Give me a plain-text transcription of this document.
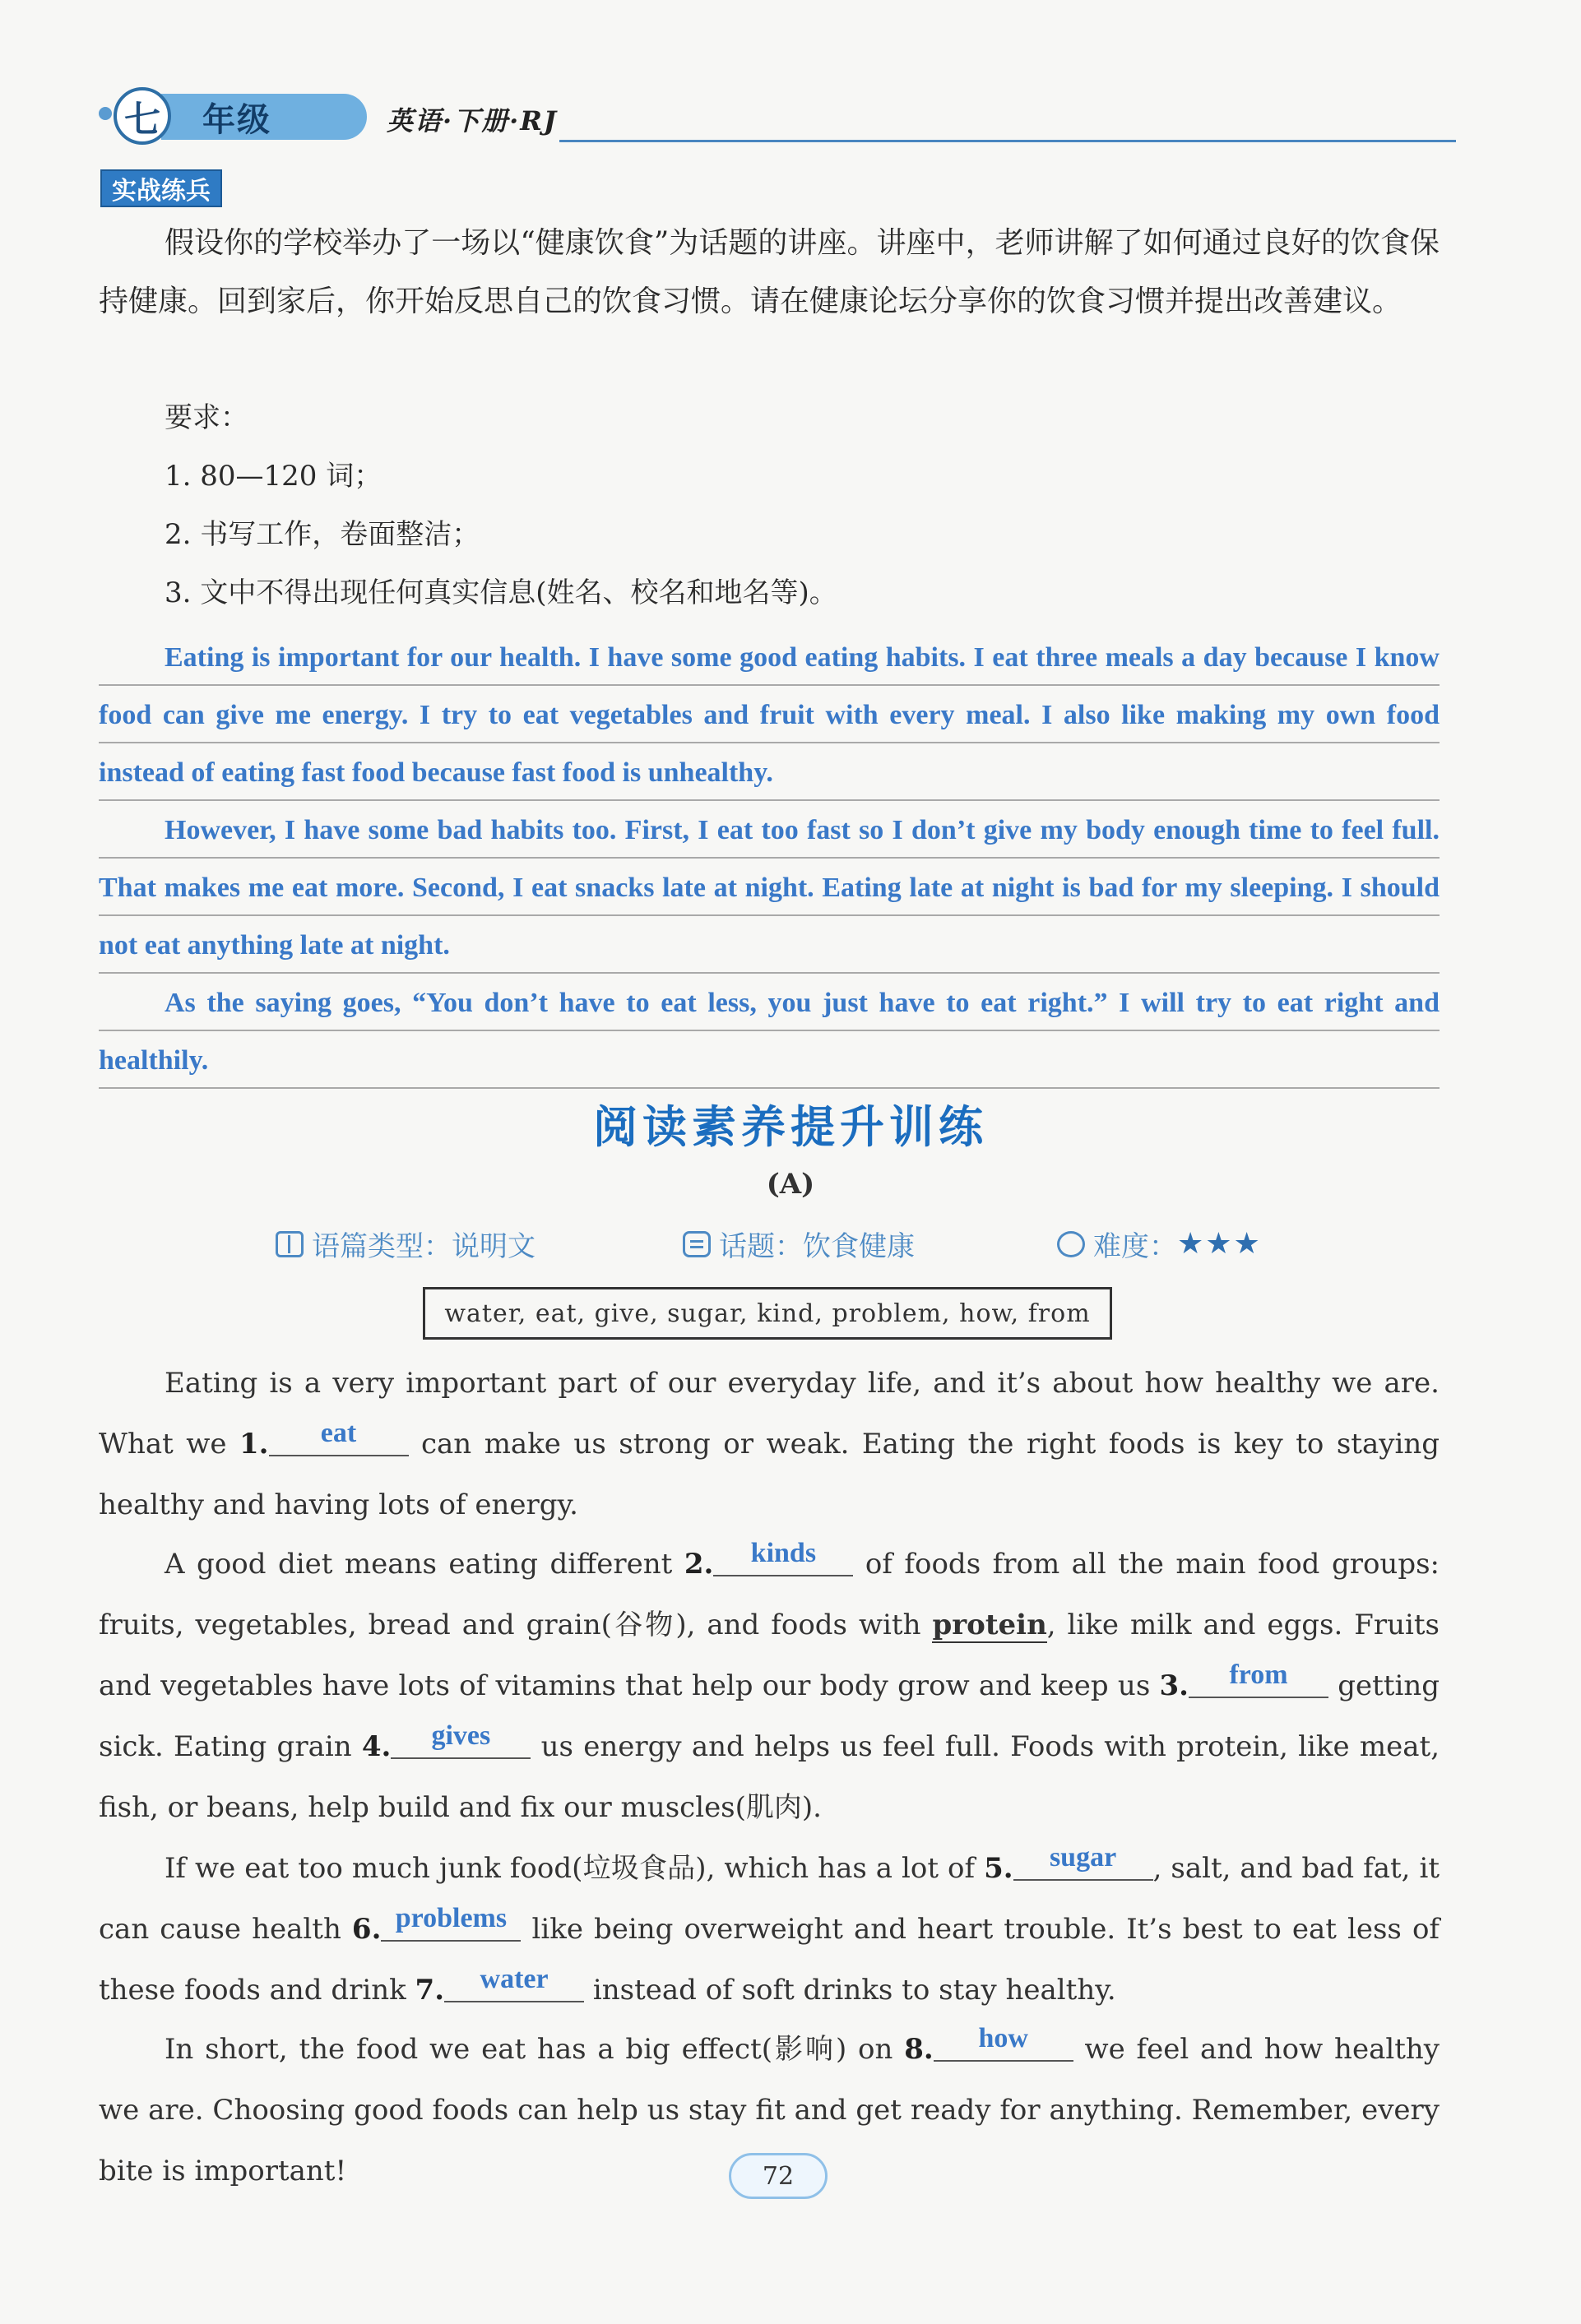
七	年级	英语·下册·RJ
实战练兵

假设你的学校举办了一场以“健康饮食”为话题的讲座。讲座中，老师讲解了如何通过良好的饮食保持健康。回到家后，你开始反思自己的饮食习惯。请在健康论坛分享你的饮食习惯并提出改善建议。

要求：

1. 80—120 词；

2. 书写工作，卷面整洁；

3. 文中不得出现任何真实信息(姓名、校名和地名等)。

Eating is important for our health. I have some good eating habits. I eat three meals a day because I know food can give me energy. I try to eat vegetables and fruit with every meal. I also like making my own food instead of eating fast food because fast food is unhealthy.

However, I have some bad habits too. First, I eat too fast so I don’t give my body enough time to feel full. That makes me eat more. Second, I eat snacks late at night. Eating late at night is bad for my sleeping. I should not eat anything late at night.

As the saying goes, “You don’t have to eat less, you just have to eat right.” I will try to eat right and healthily.

阅读素养提升训练
(A)
语篇类型：说明文	话题：饮食健康	难度： ★★★
water, eat, give, sugar, kind, problem, how, from

Eating is a very important part of our everyday life, and it’s about how healthy we are. What we 1. eat can make us strong or weak. Eating the right foods is key to staying healthy and having lots of energy.

A good diet means eating different 2. kinds of foods from all the main food groups: fruits, vegetables, bread and grain(谷物), and foods with protein, like milk and eggs. Fruits and vegetables have lots of vitamins that help our body grow and keep us 3. from getting sick. Eating grain 4. gives us energy and helps us feel full. Foods with protein, like meat, fish, or beans, help build and fix our muscles(肌肉).

If we eat too much junk food(垃圾食品), which has a lot of 5. sugar , salt, and bad fat, it can cause health 6. problems like being overweight and heart trouble. It’s best to eat less of these foods and drink 7. water instead of soft drinks to stay healthy.

In short, the food we eat has a big effect(影响) on 8. how we feel and how healthy we are. Choosing good foods can help us stay fit and get ready for anything. Remember, every bite is important!	72
